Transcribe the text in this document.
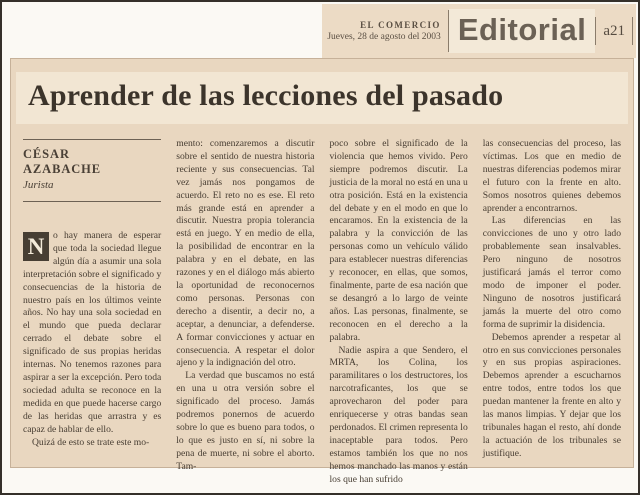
EL COMERCIO
Jueves, 28 de agosto del 2003 Editorial	a21
Aprender de las lecciones del pasado
CÉSAR
AZABACHE
Jurista

N o hay manera de esperar que toda la sociedad llegue algún día a asumir una sola interpretación sobre el significado y consecuencias de la historia de nuestro país en los últimos veinte años. No hay una sola sociedad en el mundo que pueda declarar cerrado el debate sobre el significado de sus propias heridas internas. No tenemos razones para aspirar a ser la excepción. Pero toda sociedad adulta se reconoce en la medida en que puede hacerse cargo de las heridas que arrastra y es capaz de hablar de ello.

Quizá de esto se trate este mo-

mento: comenzaremos a discutir sobre el sentido de nuestra historia reciente y sus consecuencias. Tal vez jamás nos pongamos de acuerdo. El reto no es ese. El reto más grande está en aprender a discutir. Nuestra propia tolerancia está en juego. Y en medio de ella, la posibilidad de encontrar en la palabra y en el debate, en las razones y en el diálogo más abierto la oportunidad de reconocernos como personas. Personas con derecho a disentir, a decir no, a aceptar, a denunciar, a defenderse. A formar convicciones y actuar en consecuencia. A respetar el dolor ajeno y la indignación del otro.

La verdad que buscamos no está en una u otra versión sobre el significado del proceso. Jamás podremos ponernos de acuerdo sobre lo que es bueno para todos, o lo que es justo en sí, ni sobre la pena de muerte, ni sobre el aborto. Tam-

poco sobre el significado de la violencia que hemos vivido. Pero siempre podremos discutir. La justicia de la moral no está en una u otra posición. Está en la existencia del debate y en el modo en que lo encaramos. En la existencia de la palabra y la convicción de las personas como un vehículo válido para establecer nuestras diferencias y reconocer, en ellas, que somos, finalmente, parte de esa nación que se desangró a lo largo de veinte años. Las personas, finalmente, se reconocen en el derecho a la palabra.

Nadie aspira a que Sendero, el MRTA, los Colina, los paramilitares o los destructores, los narcotraficantes, los que se aprovecharon del poder para enriquecerse y otras bandas sean perdonados. El crimen representa lo inaceptable para todos. Pero estamos también los que no nos hemos manchado las manos y están los que han sufrido

las consecuencias del proceso, las víctimas. Los que en medio de nuestras diferencias podemos mirar el futuro con la frente en alto. Somos nosotros quienes debemos aprender a encontrarnos.

Las diferencias en las convicciones de uno y otro lado probablemente sean insalvables. Pero ninguno de nosotros justificará jamás el terror como modo de imponer el poder. Ninguno de nosotros justificará jamás la muerte del otro como forma de suprimir la disidencia.

Debemos aprender a respetar al otro en sus convicciones personales y en sus propias aspiraciones. Debemos aprender a escucharnos entre todos, entre todos los que puedan mantener la frente en alto y las manos limpias. Y dejar que los tribunales hagan el resto, ahí donde la actuación de los tribunales se justifique.
